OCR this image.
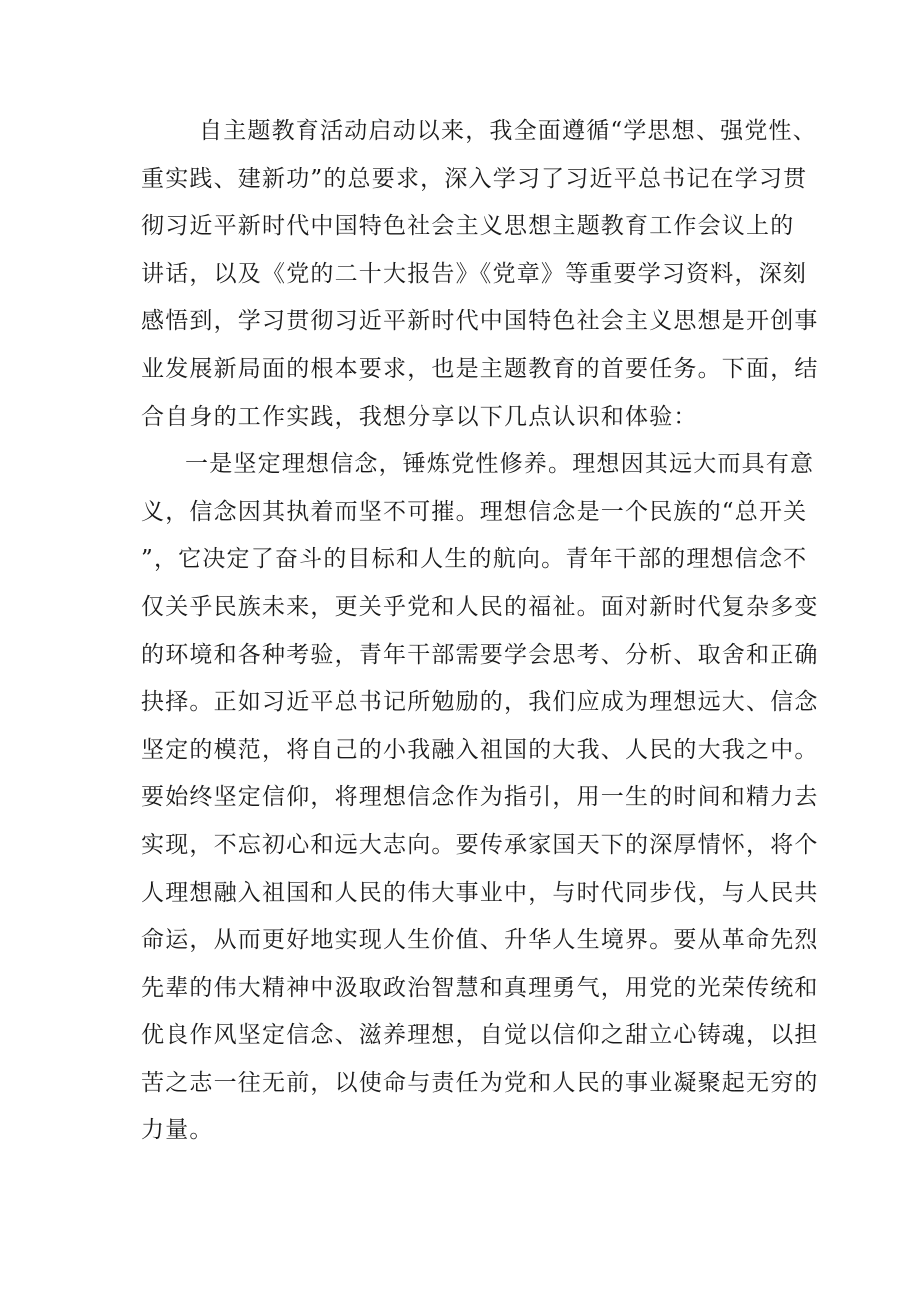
自主题教育活动启动以来，我全面遵循“学思想、强党性、
重实践、建新功”的总要求，深入学习了习近平总书记在学习贯
彻习近平新时代中国特色社会主义思想主题教育工作会议上的
讲话，以及《党的二十大报告》《党章》等重要学习资料，深刻
感悟到，学习贯彻习近平新时代中国特色社会主义思想是开创事
业发展新局面的根本要求，也是主题教育的首要任务。下面，结
合自身的工作实践，我想分享以下几点认识和体验：
一是坚定理想信念，锤炼党性修养。理想因其远大而具有意
义，信念因其执着而坚不可摧。理想信念是一个民族的“总开关
”，它决定了奋斗的目标和人生的航向。青年干部的理想信念不
仅关乎民族未来，更关乎党和人民的福祉。面对新时代复杂多变
的环境和各种考验，青年干部需要学会思考、分析、取舍和正确
抉择。正如习近平总书记所勉励的，我们应成为理想远大、信念
坚定的模范，将自己的小我融入祖国的大我、人民的大我之中。
要始终坚定信仰，将理想信念作为指引，用一生的时间和精力去
实现，不忘初心和远大志向。要传承家国天下的深厚情怀，将个
人理想融入祖国和人民的伟大事业中，与时代同步伐，与人民共
命运，从而更好地实现人生价值、升华人生境界。要从革命先烈
先辈的伟大精神中汲取政治智慧和真理勇气，用党的光荣传统和
优良作风坚定信念、滋养理想，自觉以信仰之甜立心铸魂，以担
苦之志一往无前，以使命与责任为党和人民的事业凝聚起无穷的
力量。
